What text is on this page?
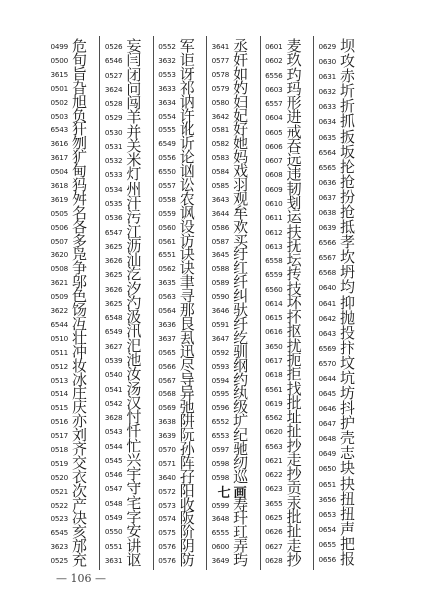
0499 危
0500 旬
3615 旨
0501 旮
0502 旭
0503 负
6543 犴
3616 刎
3617 犷
0504 甸
3618 犸
3619 舛
0505 名
0506 各
0507 多
3620 凫
0508 争
3621 邬
0509 色
3622 饧
6544 冱
0510 壮
0511 冲
0512 妆
0513 冰
0514 庄
0515 庆
0516 亦
0517 刘
0518 齐
0519 交
0520 衣
0521 次
0522 产
0523 决
6545 亥
3623 邡
0525 充
0526 妄
6546 闫
0527 闭
3624 问
0528 闯
0529 羊
0530 并
0531 关
0532 米
0533 灯
0534 州
0535 汗
0536 污
6547 江
3625 沥
3626 汕
3625 汔
3626 汐
3625 汋
6548 汲
6549 汛
3627 汜
0539 池
0540 汝
0541 汤
0542 汉
3628 忖
0543 忏
0544 忙
0545 兴
0546 宇
0547 守
0548 宅
0549 字
0550 安
0551 讲
3631 讴
0552 军
3632 讵
0553 讶
3633 祁
3634 讷
0554 许
0555 讹
6549 䜣
0556 论
6550 讻
0557 讼
0558 农
0559 讽
0560 设
0561 访
6551 诀
0562 诀
3635 聿
0563 寻
0564 那
3636 艮
3637 厾
0565 迅
0566 尽
0567 导
0568 异
0569 弛
3638 阱
3639 阮
0570 孙
0571 阵
3640 孖
0572 阳
0573 收
0574 阪
0575 阶
0576 阴
0576 防
3641 丞
0577 奸
0578 如
0579 妁
0580 妇
3642 妃
0581 好
0582 她
0583 妈
0584 戏
0585 羽
3643 观
3644 牟
0586 欢
0587 买
3645 纡
0588 红
0589 纤
0590 纠
3646 驮
0591 纤
3647 纥
0592 驯
0593 纲
0594 约
0595 纨
0596 级
6552 圹
6553 纪
0597 驰
0598 纫
0598 巡
七画
0599 寿
3648 玕
6555 玒
0600 弄
3649 玙
0601 麦
0602 玖
6556 玓
0603 玛
6557 形
0604 进
0605 戒
0606 吞
0607 远
0608 违
0609 韧
0610 刬
0611 运
0612 扶
0613 抚
6558 坛
6559 抟
6560 技
0614 坏
0615 抔
0616 抠
3650 扰
0617 扼
0618 拒
6561 找
0619 批
6562 址
0620 扯
6563 抄
0621 走
0622 抄
0623 贡
3655 汞
0625 批
0626 扯
0627 走
0628 抄
0629 坝
0630 攻
0631 赤
0632 圻
0633 折
0634 抓
0635 扳
6564 坂
6565 抡
0636 抢
0637 扮
0638 抢
0639 抵
6566 孝
6567 坎
6568 坍
0640 均
0641 抑
0642 抛
0643 投
6569 抃
6570 坟
0644 坑
0645 坊
0646 抖
0647 护
0648 壳
0649 志
0650 块
0651 抉
3656 扭
0653 扭
0654 声
0655 把
0656 报
— 106 —
